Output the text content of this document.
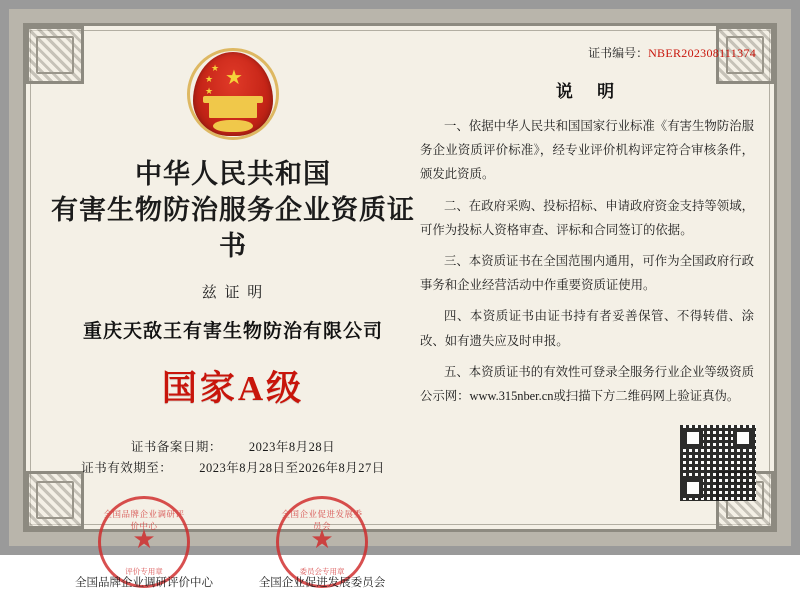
★
★
★
★
中华人民共和国
有害生物防治服务企业资质证书
兹 证 明
重庆天敌王有害生物防治有限公司
国家A级
证书备案日期：	2023年8月28日
证书有效期至：	2023年8月28日至2026年8月27日
全国品牌企业调研评价中心
评价专用章
★
全国品牌企业调研评价中心
全国企业促进发展委员会
委员会专用章
★
全国企业促进发展委员会
证书编号：NBER202308111374
说 明
一、依据中华人民共和国国家行业标准《有害生物防治服务企业资质评价标准》，经专业评价机构评定符合审核条件，颁发此资质。
二、在政府采购、投标招标、申请政府资金支持等领域，可作为投标人资格审查、评标和合同签订的依据。
三、本资质证书在全国范围内通用，可作为全国政府行政事务和企业经营活动中作重要资质证使用。
四、本资质证书由证书持有者妥善保管、不得转借、涂改、如有遗失应及时申报。
五、本资质证书的有效性可登录全服务行业企业等级资质公示网：www.315nber.cn或扫描下方二维码网上验证真伪。
